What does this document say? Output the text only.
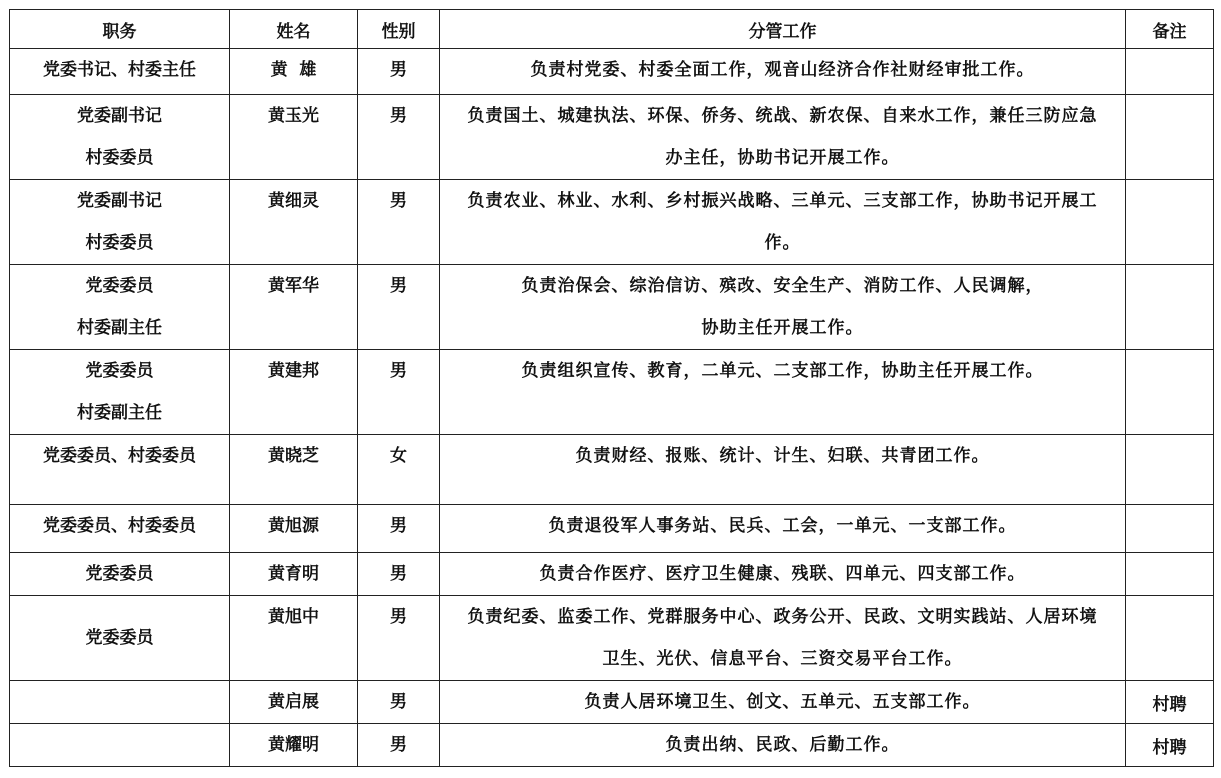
职务	姓名	性别	分管工作	备注

党委书记、村委主任	黄  雄	男	负责村党委、村委全面工作，观音山经济合作社财经审批工作。	

党委副书记
村委委员	黄玉光	男	负责国土、城建执法、环保、侨务、统战、新农保、自来水工作，兼任三防应急
办主任，协助书记开展工作。	

党委副书记
村委委员	黄细灵	男	负责农业、林业、水利、乡村振兴战略、三单元、三支部工作，协助书记开展工
作。	

党委委员
村委副主任	黄军华	男	负责治保会、综治信访、殡改、安全生产、消防工作、人民调解，
协助主任开展工作。	

党委委员
村委副主任	黄建邦	男	负责组织宣传、教育，二单元、二支部工作，协助主任开展工作。	

党委委员、村委委员	黄晓芝	女	负责财经、报账、统计、计生、妇联、共青团工作。	

党委委员、村委委员	黄旭源	男	负责退役军人事务站、民兵、工会，一单元、一支部工作。	

党委委员	黄育明	男	负责合作医疗、医疗卫生健康、残联、四单元、四支部工作。	

党委委员	黄旭中	男	负责纪委、监委工作、党群服务中心、政务公开、民政、文明实践站、人居环境
卫生、光伏、信息平台、三资交易平台工作。	

	黄启展	男	负责人居环境卫生、创文、五单元、五支部工作。	村聘

	黄耀明	男	负责出纳、民政、后勤工作。	村聘
